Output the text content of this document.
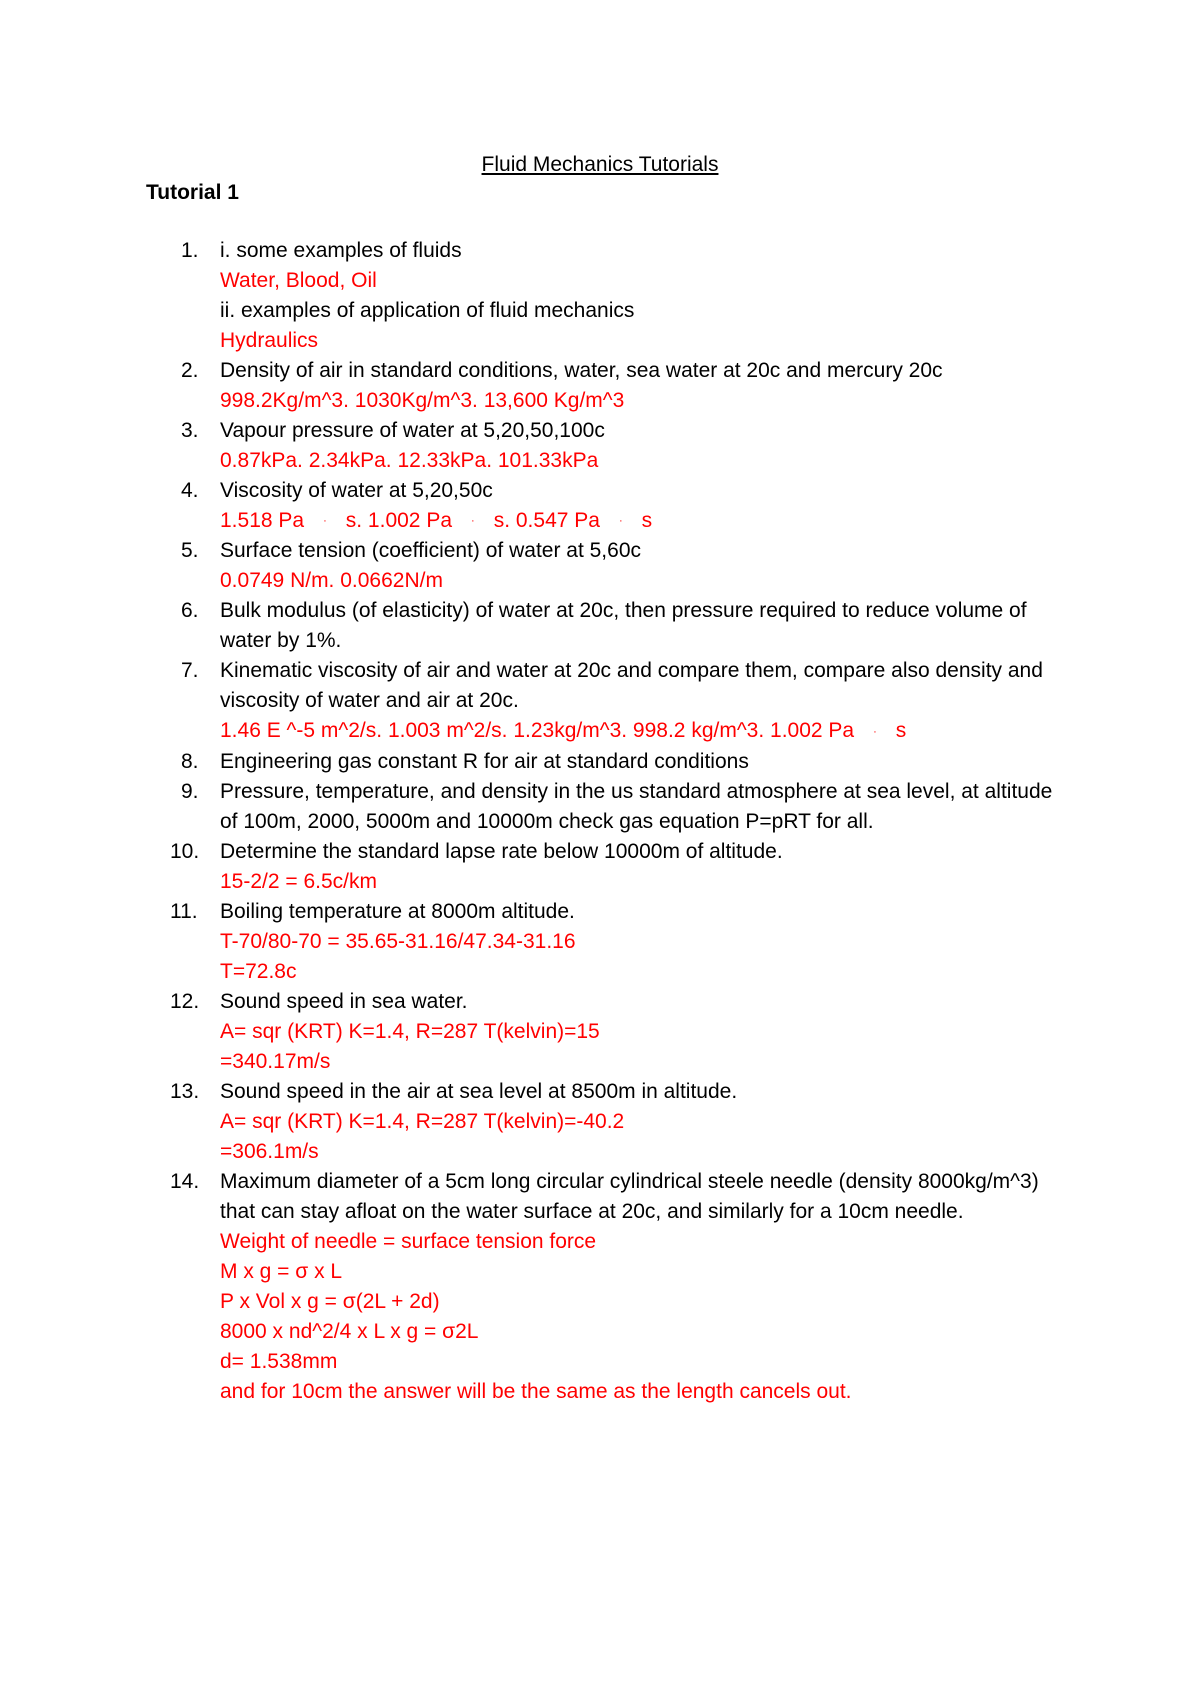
Fluid Mechanics Tutorials
Tutorial 1
1. i. some examples of fluids
Water, Blood, Oil
ii. examples of application of fluid mechanics
Hydraulics
2. Density of air in standard conditions, water, sea water at 20c and mercury 20c
998.2Kg/m^3. 1030Kg/m^3. 13,600 Kg/m^3
3. Vapour pressure of water at 5,20,50,100c
0.87kPa. 2.34kPa. 12.33kPa. 101.33kPa
4. Viscosity of water at 5,20,50c
1.518 Pa · s. 1.002 Pa · s. 0.547 Pa · s
5. Surface tension (coefficient) of water at 5,60c
0.0749 N/m. 0.0662N/m
6. Bulk modulus (of elasticity) of water at 20c, then pressure required to reduce volume of water by 1%.
7. Kinematic viscosity of air and water at 20c and compare them, compare also density and viscosity of water and air at 20c.
1.46 E ^-5 m^2/s. 1.003 m^2/s. 1.23kg/m^3. 998.2 kg/m^3. 1.002 Pa · s
8. Engineering gas constant R for air at standard conditions
9. Pressure, temperature, and density in the us standard atmosphere at sea level, at altitude of 100m, 2000, 5000m and 10000m check gas equation P=pRT for all.
10. Determine the standard lapse rate below 10000m of altitude.
15-2/2 = 6.5c/km
11. Boiling temperature at 8000m altitude.
T-70/80-70 = 35.65-31.16/47.34-31.16
T=72.8c
12. Sound speed in sea water.
A= sqr (KRT) K=1.4, R=287 T(kelvin)=15
=340.17m/s
13. Sound speed in the air at sea level at 8500m in altitude.
A= sqr (KRT) K=1.4, R=287 T(kelvin)=-40.2
=306.1m/s
14. Maximum diameter of a 5cm long circular cylindrical steele needle (density 8000kg/m^3) that can stay afloat on the water surface at 20c, and similarly for a 10cm needle.
Weight of needle = surface tension force
M x g = σ x L
P x Vol x g = σ(2L + 2d)
8000 x nd^2/4 x L x g = σ2L
d= 1.538mm
and for 10cm the answer will be the same as the length cancels out.
